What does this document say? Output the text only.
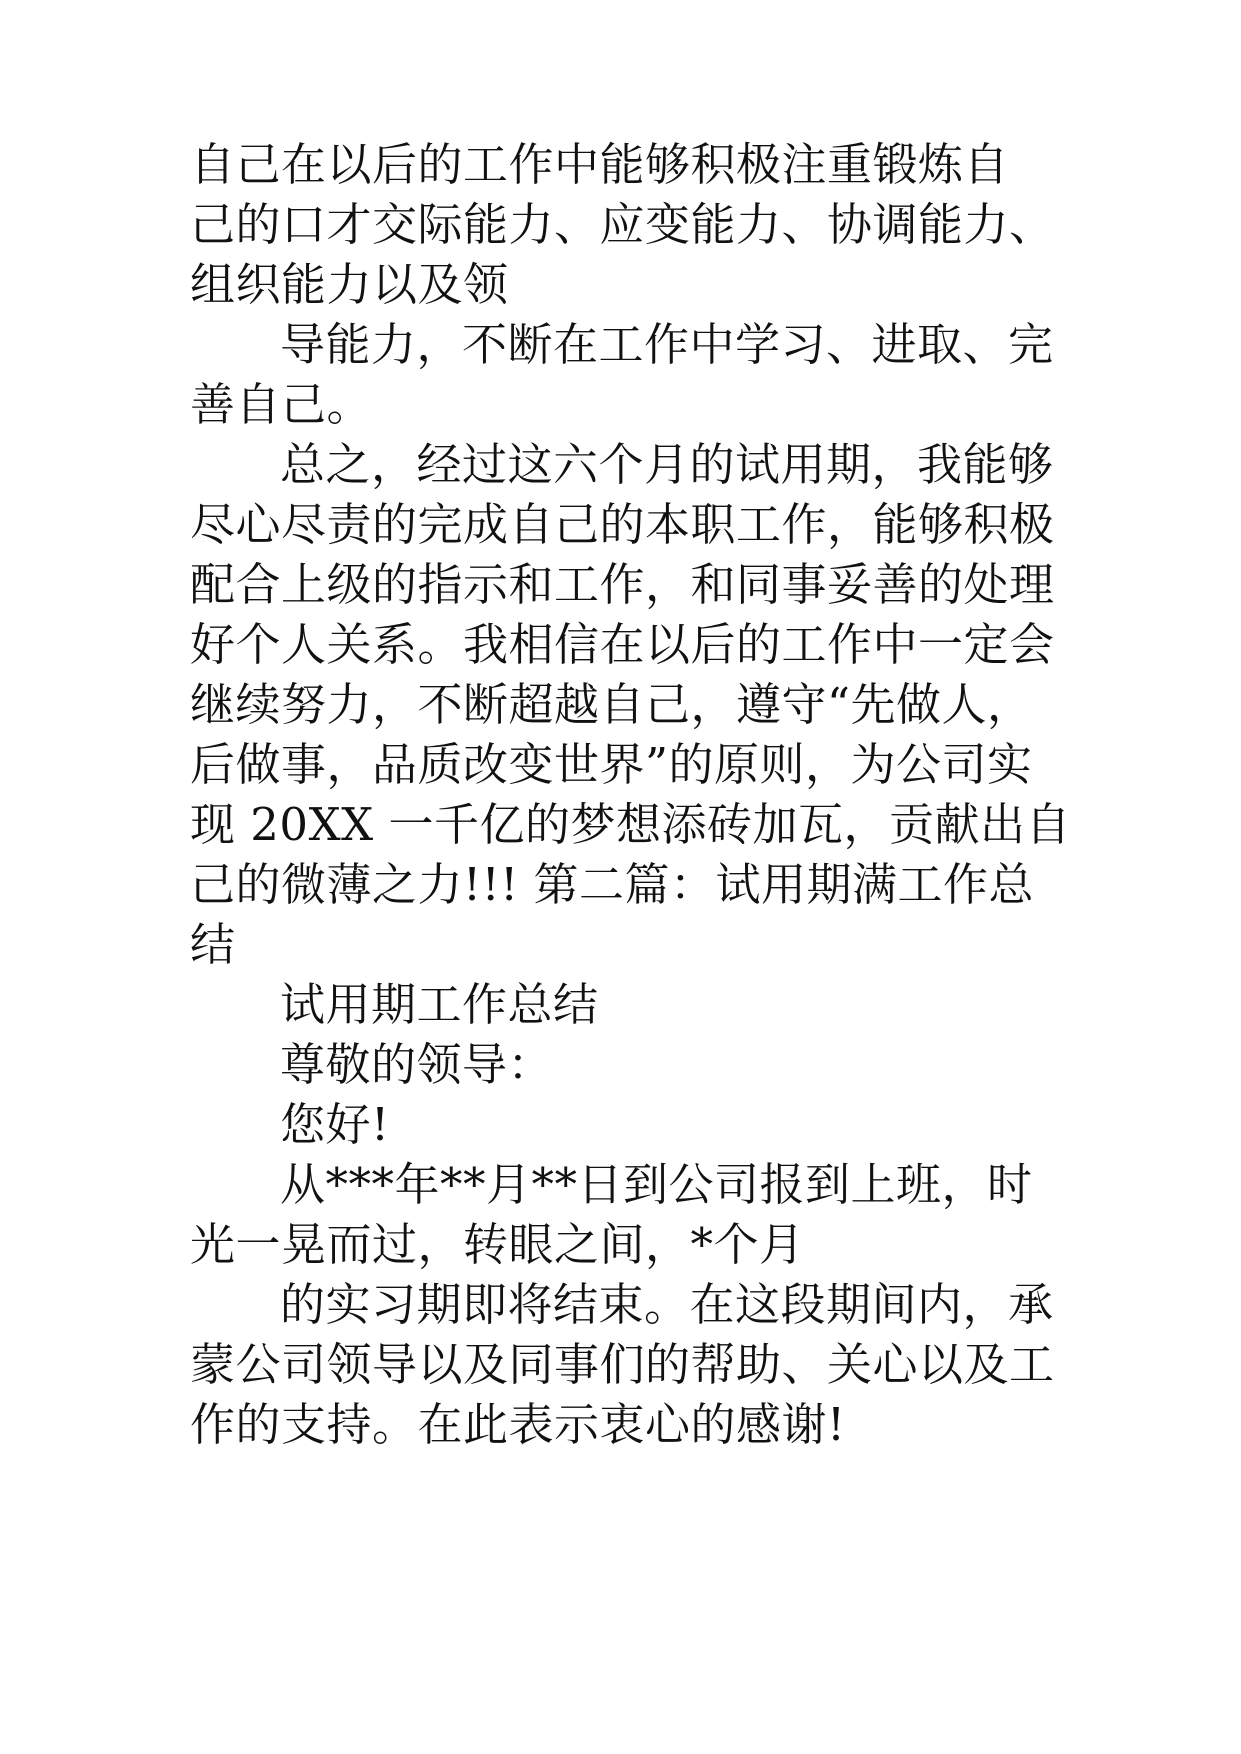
自己在以后的工作中能够积极注重锻炼自
己的口才交际能力、应变能力、协调能力、
组织能力以及领
导能力，不断在工作中学习、进取、完
善自己。
总之，经过这六个月的试用期，我能够
尽心尽责的完成自己的本职工作，能够积极
配合上级的指示和工作，和同事妥善的处理
好个人关系。我相信在以后的工作中一定会
继续努力，不断超越自己，遵守“先做人，
后做事，品质改变世界”的原则，为公司实
现 20XX 一千亿的梦想添砖加瓦，贡献出自
己的微薄之力!!! 第二篇：试用期满工作总
结
试用期工作总结
尊敬的领导：
您好!
从***年**月**日到公司报到上班，时
光一晃而过，转眼之间，*个月
的实习期即将结束。在这段期间内，承
蒙公司领导以及同事们的帮助、关心以及工
作的支持。在此表示衷心的感谢!
